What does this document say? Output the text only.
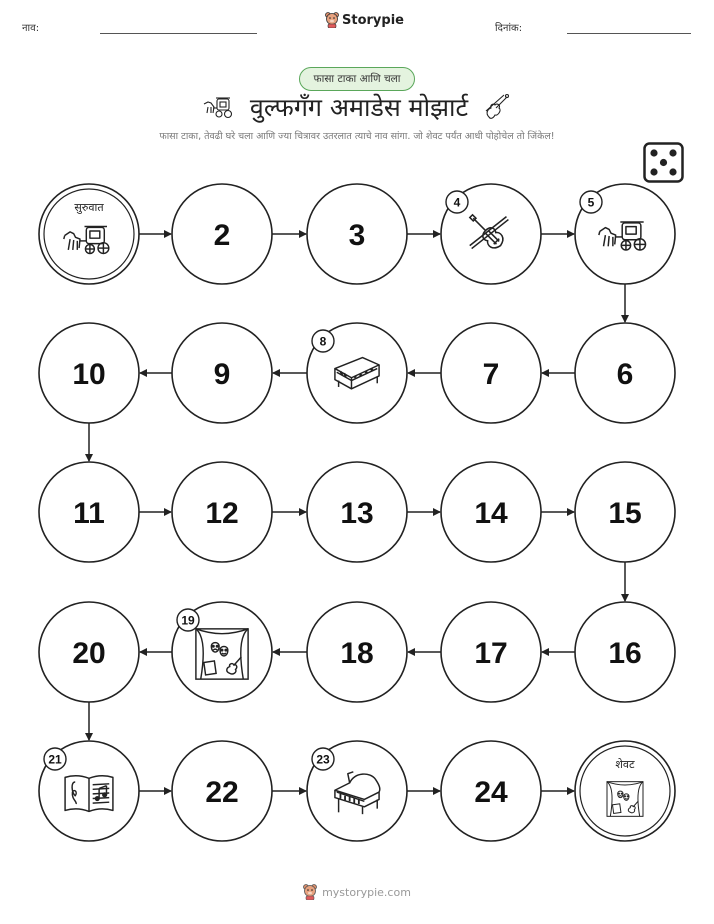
नाव:
Storypie
दिनांक:
फासा टाका आणि चला
वुल्फगँग अमाडेस मोझार्ट
फासा टाका, तेवढी घरे चला आणि ज्या चित्रावर उतरलात त्याचे नाव सांगा. जो शेवट पर्यंत आधी पोहोचेल तो जिंकेल!
सुरुवात
2	3
4	5
6
7
8
9
10
11	12	13	14	15
16
17
18
19
20
21
22
23
24
शेवट
mystorypie.com
